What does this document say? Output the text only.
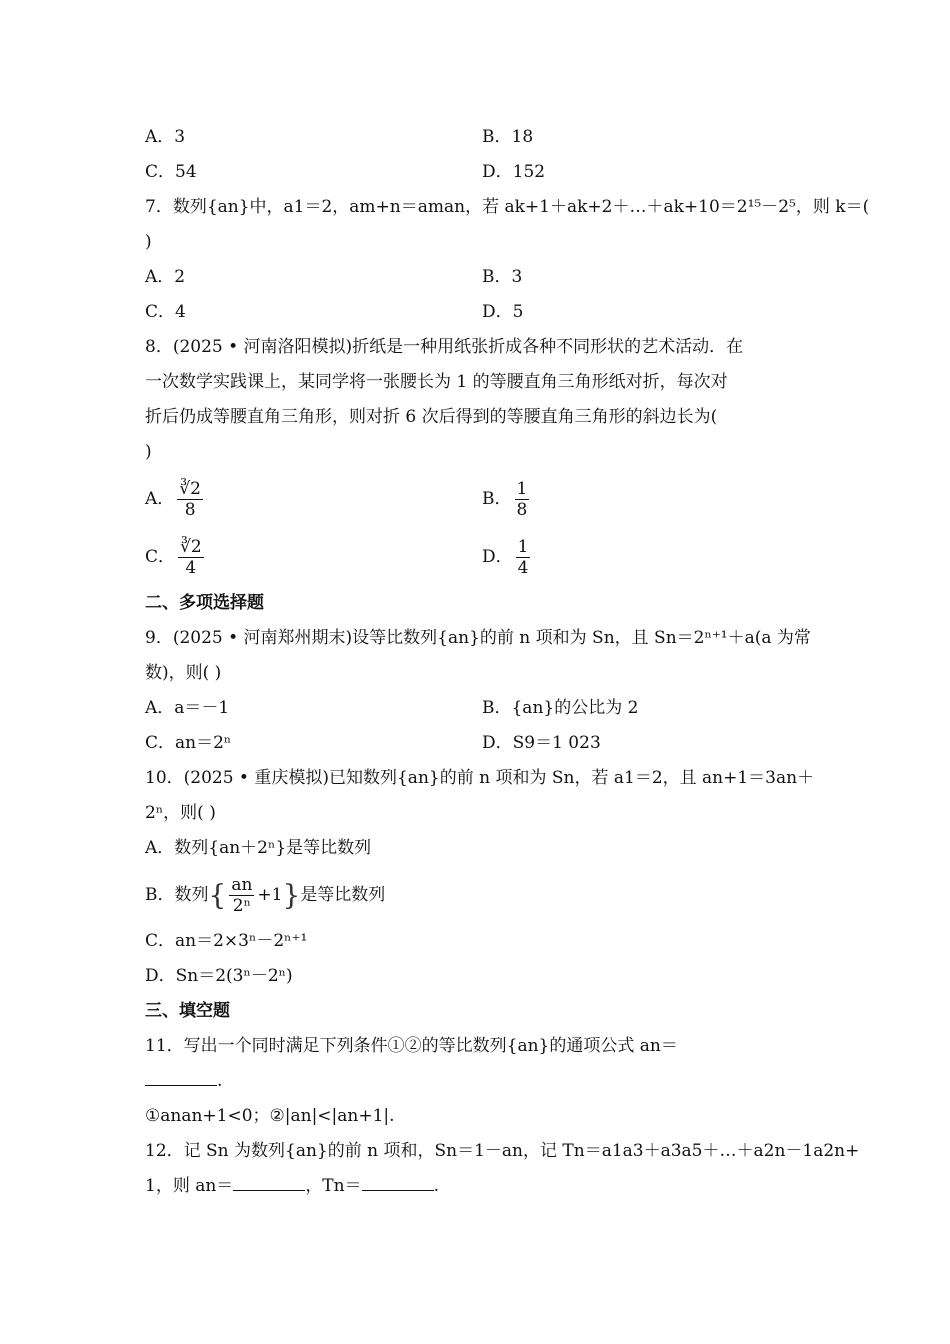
A．3	B．18
C．54	D．152
7．数列{an}中，a1＝2，am+n＝aman，若 ak+1＋ak+2＋…＋ak+10＝2¹⁵－2⁵，则 k＝(
)
A．2	B．3
C．4	D．5
8．(2025 • 河南洛阳模拟)折纸是一种用纸张折成各种不同形状的艺术活动．在
一次数学实践课上，某同学将一张腰长为 1 的等腰直角三角形纸对折，每次对
折后仍成等腰直角三角形，则对折 6 次后得到的等腰直角三角形的斜边长为(
)
A． $\frac{∛2}{8}$	B． $\frac{1}{8}$
C． $\frac{∛2}{4}$	D． $\frac{1}{4}$
二、多项选择题
9．(2025 • 河南郑州期末)设等比数列{an}的前 n 项和为 Sn，且 Sn＝2ⁿ⁺¹＋a(a 为常
数)，则( )
A．a＝－1	B．{an}的公比为 2
C．an＝2ⁿ	D．S9＝1 023
10．(2025 • 重庆模拟)已知数列{an}的前 n 项和为 Sn，若 a1＝2，且 an+1＝3an＋
2ⁿ，则( )
A．数列{an＋2ⁿ}是等比数列
B．数列{ $\frac{an}{\text{2ⁿ}} +1$}是等比数列
C．an＝2×3ⁿ－2ⁿ⁺¹
D．Sn＝2(3ⁿ－2ⁿ)
三、填空题
11．写出一个同时满足下列条件①②的等比数列{an}的通项公式 an＝
.
①anan+1<0；②|an|<|an+1|.
12．记 Sn 为数列{an}的前 n 项和，Sn＝1－an，记 Tn＝a1a3＋a3a5＋…＋a2n－1a2n+
1，则 an＝	，Tn＝	.
